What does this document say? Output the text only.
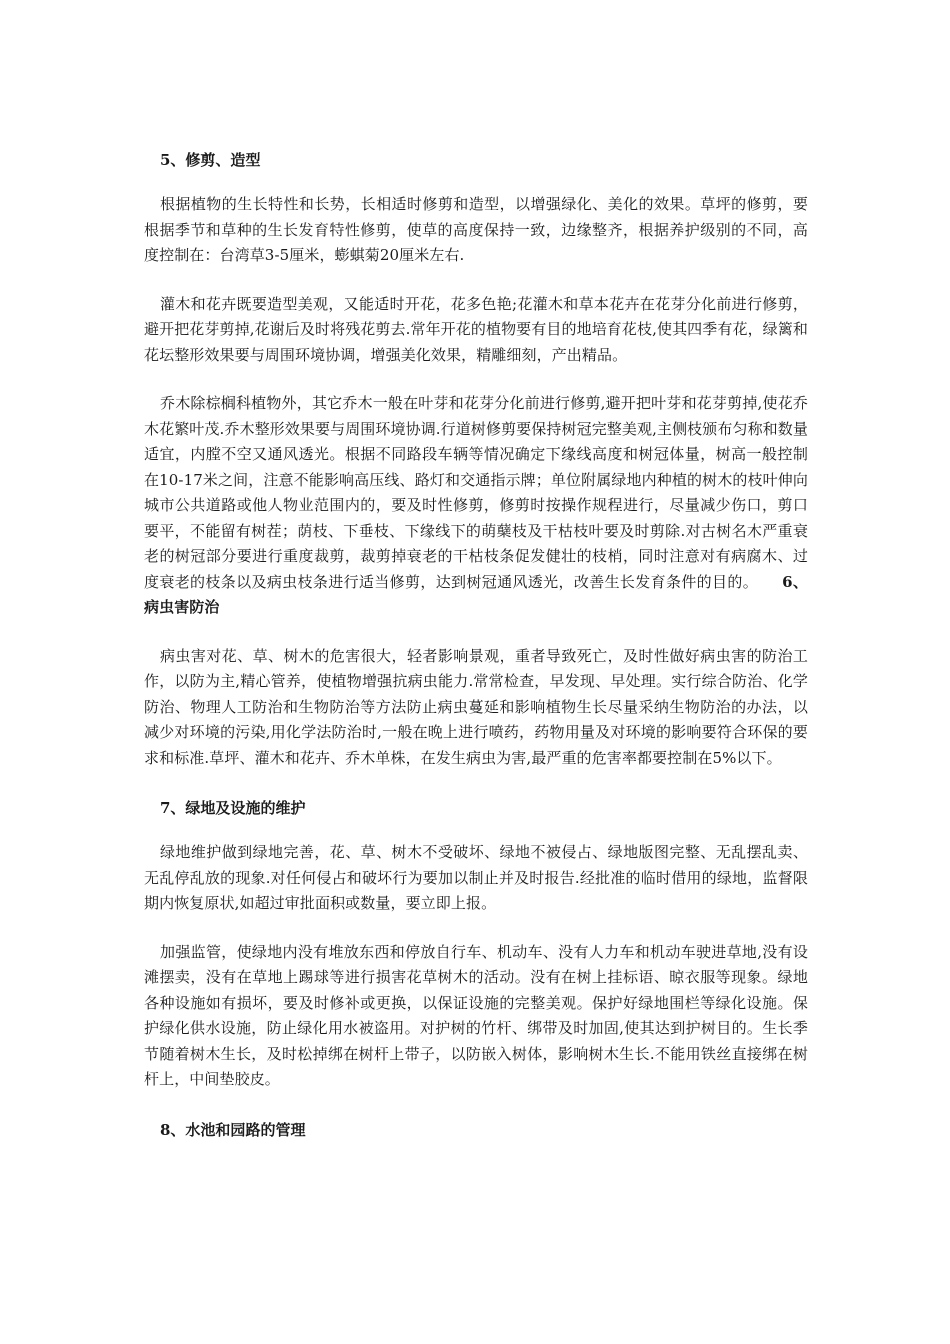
5、修剪、造型

根据植物的生长特性和长势，长相适时修剪和造型，以增强绿化、美化的效果。草坪的修剪，要根据季节和草种的生长发育特性修剪，使草的高度保持一致，边缘整齐，根据养护级别的不同，高度控制在：台湾草3-5厘米，蟛蜞菊20厘米左右.

灌木和花卉既要造型美观，又能适时开花，花多色艳;花灌木和草本花卉在花芽分化前进行修剪，避开把花芽剪掉,花谢后及时将残花剪去.常年开花的植物要有目的地培育花枝,使其四季有花，绿篱和花坛整形效果要与周围环境协调，增强美化效果，精雕细刻，产出精品。

乔木除棕榈科植物外，其它乔木一般在叶芽和花芽分化前进行修剪,避开把叶芽和花芽剪掉,使花乔木花繁叶茂.乔木整形效果要与周围环境协调.行道树修剪要保持树冠完整美观,主侧枝颁布匀称和数量适宜，内膛不空又通风透光。根据不同路段车辆等情况确定下缘线高度和树冠体量，树高一般控制在10-17米之间，注意不能影响高压线、路灯和交通指示牌；单位附属绿地内种植的树木的枝叶伸向城市公共道路或他人物业范围内的，要及时性修剪，修剪时按操作规程进行，尽量减少伤口，剪口要平，不能留有树茬；荫枝、下垂枝、下缘线下的萌蘖枝及干枯枝叶要及时剪除.对古树名木严重衰老的树冠部分要进行重度裁剪，裁剪掉衰老的干枯枝条促发健壮的枝梢，同时注意对有病腐木、过度衰老的枝条以及病虫枝条进行适当修剪，达到树冠通风透光，改善生长发育条件的目的。 6、病虫害防治

病虫害对花、草、树木的危害很大，轻者影响景观，重者导致死亡，及时性做好病虫害的防治工作，以防为主,精心管养，使植物增强抗病虫能力.常常检查，早发现、早处理。实行综合防治、化学防治、物理人工防治和生物防治等方法防止病虫蔓延和影响植物生长尽量采纳生物防治的办法，以减少对环境的污染,用化学法防治时,一般在晚上进行喷药，药物用量及对环境的影响要符合环保的要求和标准.草坪、灌木和花卉、乔木单株，在发生病虫为害,最严重的危害率都要控制在5%以下。

7、绿地及设施的维护

绿地维护做到绿地完善，花、草、树木不受破坏、绿地不被侵占、绿地版图完整、无乱摆乱卖、无乱停乱放的现象.对任何侵占和破坏行为要加以制止并及时报告.经批准的临时借用的绿地，监督限期内恢复原状,如超过审批面积或数量，要立即上报。

加强监管，使绿地内没有堆放东西和停放自行车、机动车、没有人力车和机动车驶进草地,没有设滩摆卖，没有在草地上踢球等进行损害花草树木的活动。没有在树上挂标语、晾衣服等现象。绿地各种设施如有损坏，要及时修补或更换，以保证设施的完整美观。保护好绿地围栏等绿化设施。保护绿化供水设施，防止绿化用水被盗用。对护树的竹杆、绑带及时加固,使其达到护树目的。生长季节随着树木生长，及时松掉绑在树杆上带子，以防嵌入树体，影响树木生长.不能用铁丝直接绑在树杆上，中间垫胶皮。

8、水池和园路的管理
